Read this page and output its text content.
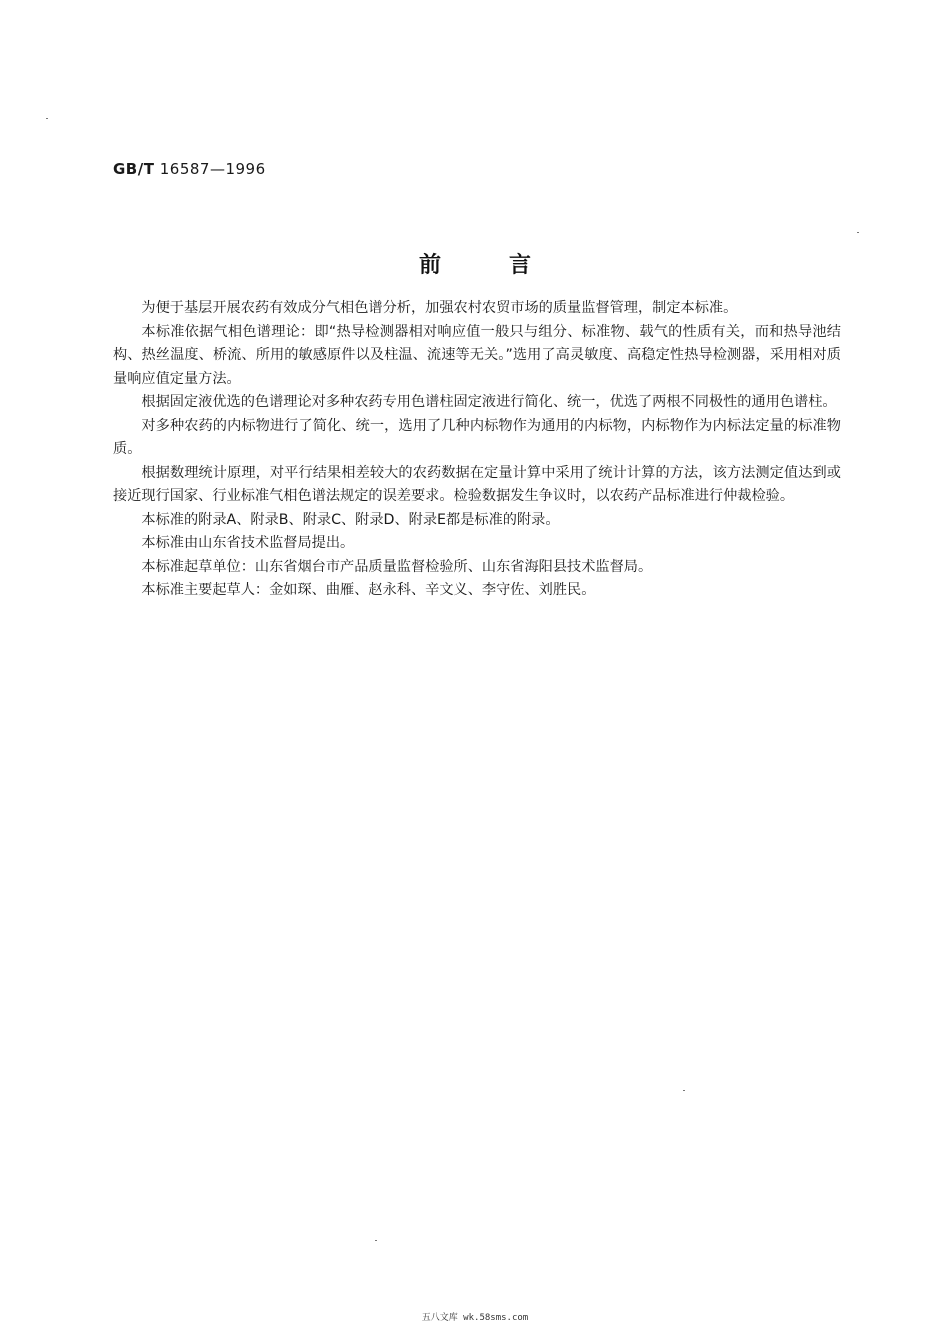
GB/T 16587—1996
前言

为便于基层开展农药有效成分气相色谱分析，加强农村农贸市场的质量监督管理，制定本标准。

本标准依据气相色谱理论：即“热导检测器相对响应值一般只与组分、标准物、载气的性质有关，而和热导池结构、热丝温度、桥流、所用的敏感原件以及柱温、流速等无关。”选用了高灵敏度、高稳定性热导检测器，采用相对质量响应值定量方法。

根据固定液优选的色谱理论对多种农药专用色谱柱固定液进行简化、统一，优选了两根不同极性的通用色谱柱。

对多种农药的内标物进行了简化、统一，选用了几种内标物作为通用的内标物，内标物作为内标法定量的标准物质。

根据数理统计原理，对平行结果相差较大的农药数据在定量计算中采用了统计计算的方法，该方法测定值达到或接近现行国家、行业标准气相色谱法规定的误差要求。检验数据发生争议时，以农药产品标准进行仲裁检验。

本标准的附录A、附录B、附录C、附录D、附录E都是标准的附录。

本标准由山东省技术监督局提出。

本标准起草单位：山东省烟台市产品质量监督检验所、山东省海阳县技术监督局。

本标准主要起草人：金如琛、曲雁、赵永科、辛文义、李守佐、刘胜民。

五八文库 wk.58sms.com
